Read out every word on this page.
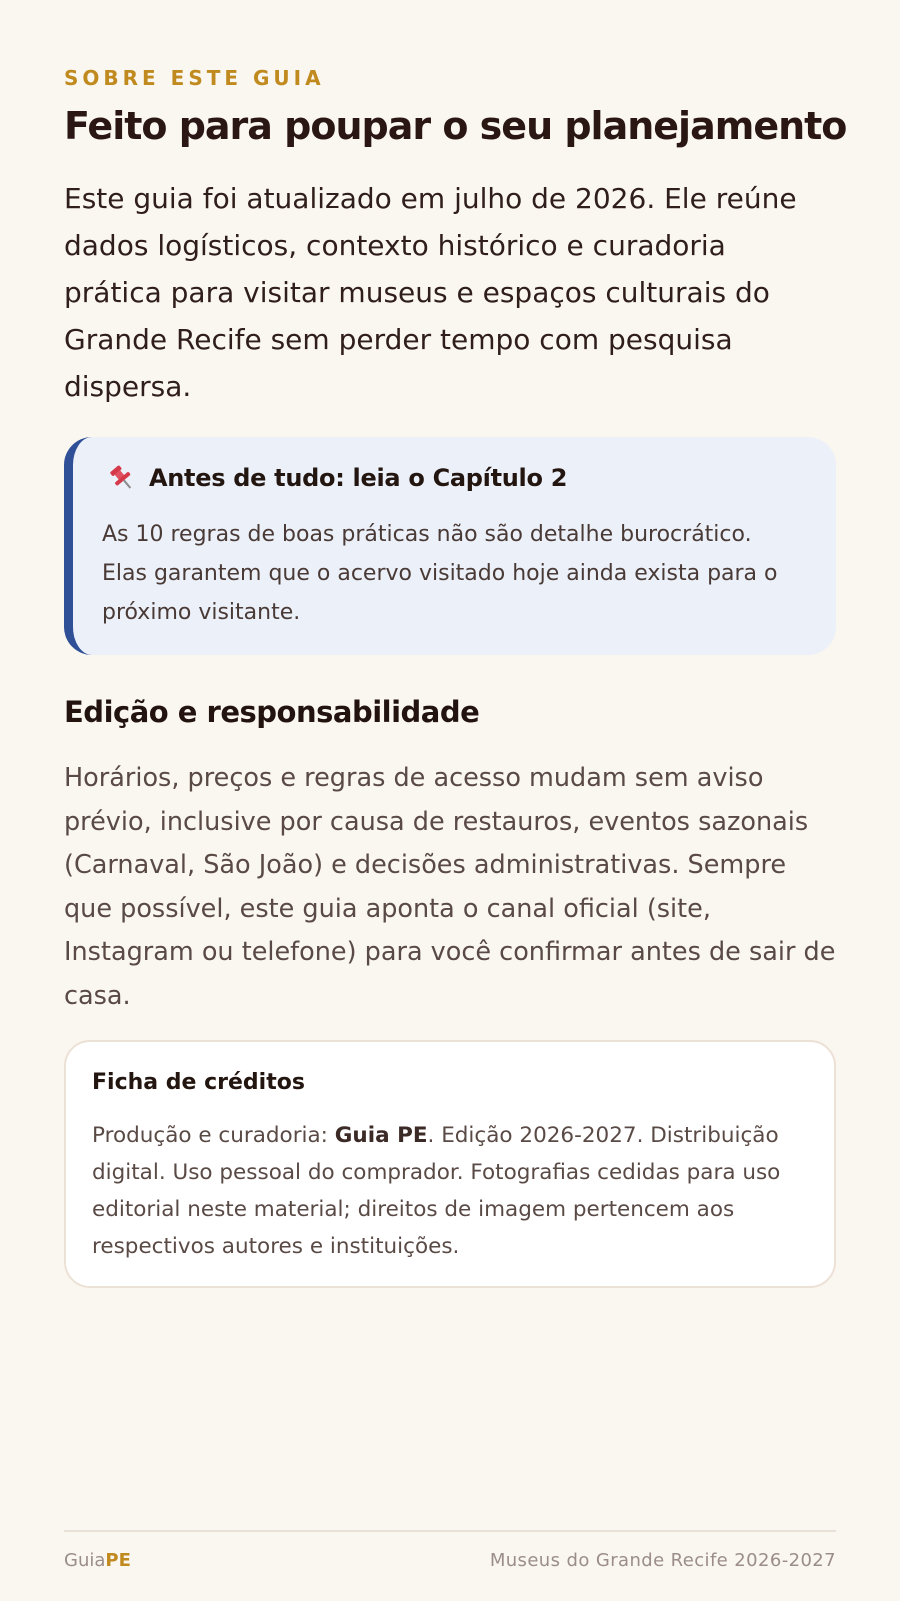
SOBRE ESTE GUIA
Feito para poupar o seu planejamento

Este guia foi atualizado em julho de 2026. Ele reúne dados logísticos, contexto histórico e curadoria prática para visitar museus e espaços culturais do Grande Recife sem perder tempo com pesquisa dispersa.

Antes de tudo: leia o Capítulo 2

As 10 regras de boas práticas não são detalhe burocrático. Elas garantem que o acervo visitado hoje ainda exista para o próximo visitante.

Edição e responsabilidade

Horários, preços e regras de acesso mudam sem aviso prévio, inclusive por causa de restauros, eventos sazonais (Carnaval, São João) e decisões administrativas. Sempre que possível, este guia aponta o canal oficial (site, Instagram ou telefone) para você confirmar antes de sair de casa.

Ficha de créditos

Produção e curadoria: Guia PE. Edição 2026-2027. Distribuição digital. Uso pessoal do comprador. Fotografias cedidas para uso editorial neste material; direitos de imagem pertencem aos respectivos autores e instituições.

GuiaPE	Museus do Grande Recife 2026-2027
